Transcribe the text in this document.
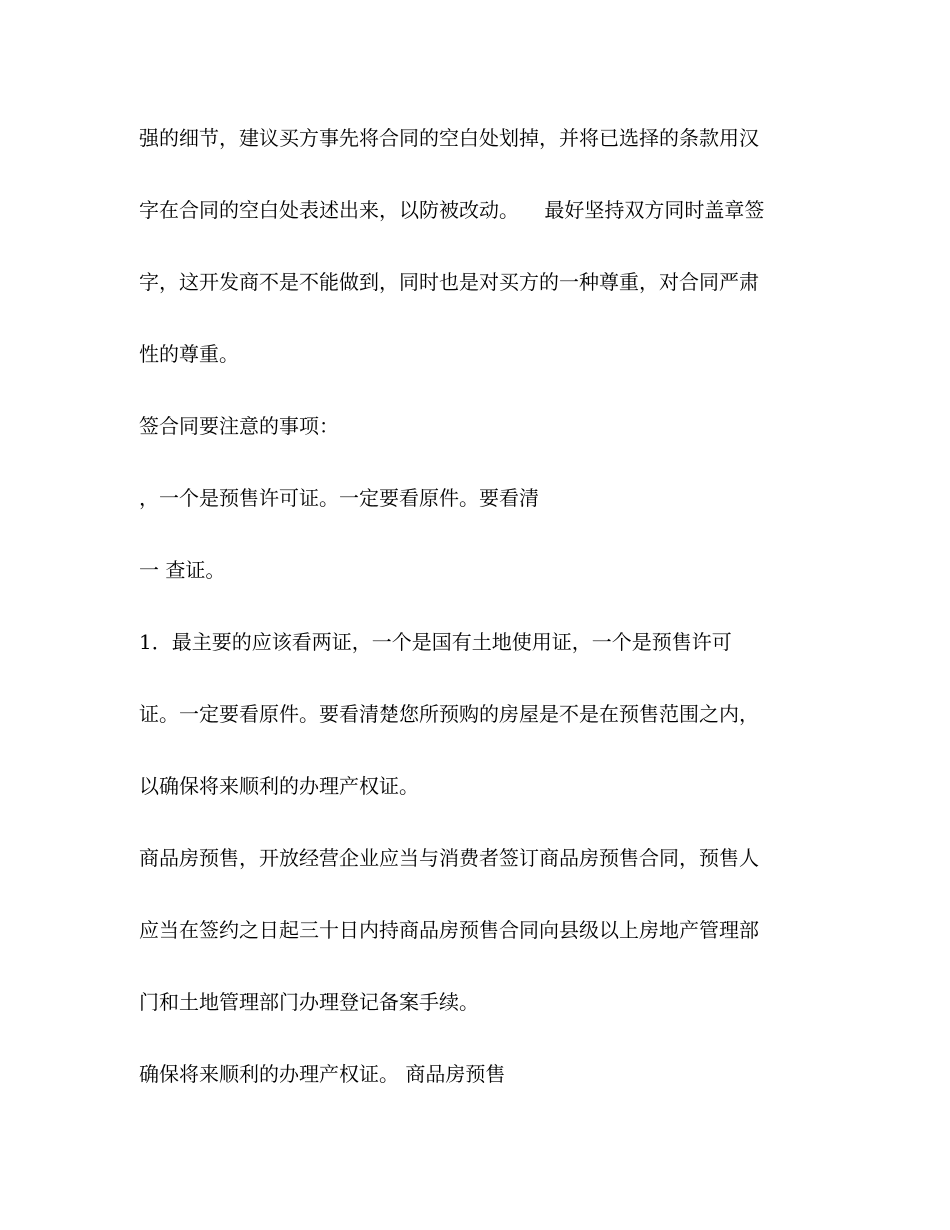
强的细节，建议买方事先将合同的空白处划掉，并将已选择的条款用汉
字在合同的空白处表述出来，以防被改动。    最好坚持双方同时盖章签
字，这开发商不是不能做到，同时也是对买方的一种尊重，对合同严肃
性的尊重。
签合同要注意的事项：
，一个是预售许可证。一定要看原件。要看清
一 查证。
1．最主要的应该看两证，一个是国有土地使用证，一个是预售许可
证。一定要看原件。要看清楚您所预购的房屋是不是在预售范围之内，
以确保将来顺利的办理产权证。
商品房预售，开放经营企业应当与消费者签订商品房预售合同，预售人
应当在签约之日起三十日内持商品房预售合同向县级以上房地产管理部
门和土地管理部门办理登记备案手续。
确保将来顺利的办理产权证。 商品房预售
